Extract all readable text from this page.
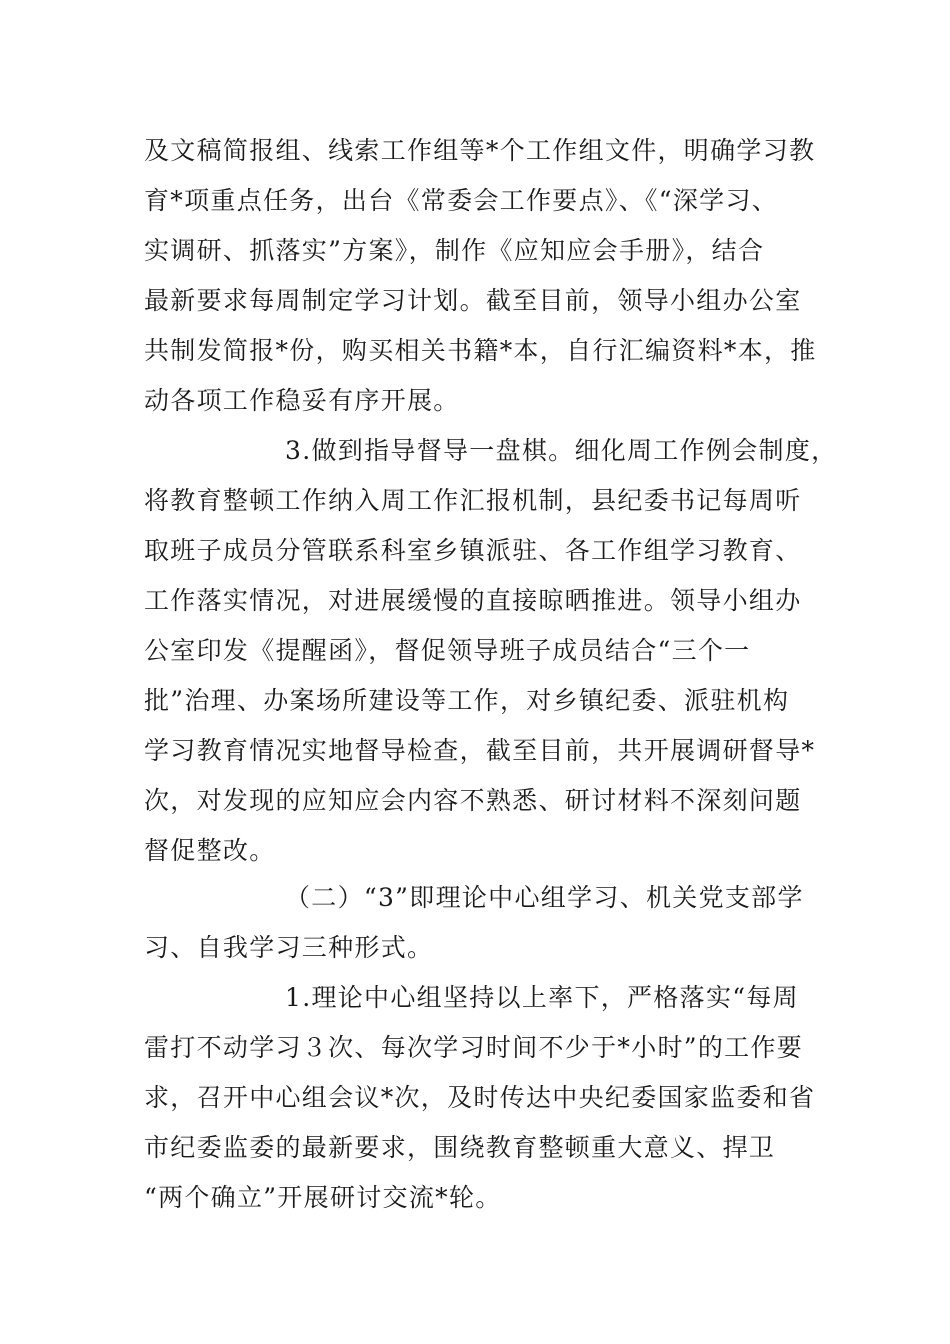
及文稿简报组、线索工作组等*个工作组文件，明确学习教
育*项重点任务，出台《常委会工作要点》、《“深学习、
实调研、抓落实”方案》，制作《应知应会手册》，结合
最新要求每周制定学习计划。截至目前，领导小组办公室
共制发简报*份，购买相关书籍*本，自行汇编资料*本，推
动各项工作稳妥有序开展。
3.做到指导督导一盘棋。细化周工作例会制度，
将教育整顿工作纳入周工作汇报机制，县纪委书记每周听
取班子成员分管联系科室乡镇派驻、各工作组学习教育、
工作落实情况，对进展缓慢的直接晾晒推进。领导小组办
公室印发《提醒函》，督促领导班子成员结合“三个一
批”治理、办案场所建设等工作，对乡镇纪委、派驻机构
学习教育情况实地督导检查，截至目前，共开展调研督导*
次，对发现的应知应会内容不熟悉、研讨材料不深刻问题
督促整改。
（二）“3”即理论中心组学习、机关党支部学
习、自我学习三种形式。
1.理论中心组坚持以上率下，严格落实“每周
雷打不动学习３次、每次学习时间不少于*小时”的工作要
求，召开中心组会议*次，及时传达中央纪委国家监委和省
市纪委监委的最新要求，围绕教育整顿重大意义、捍卫
“两个确立”开展研讨交流*轮。
